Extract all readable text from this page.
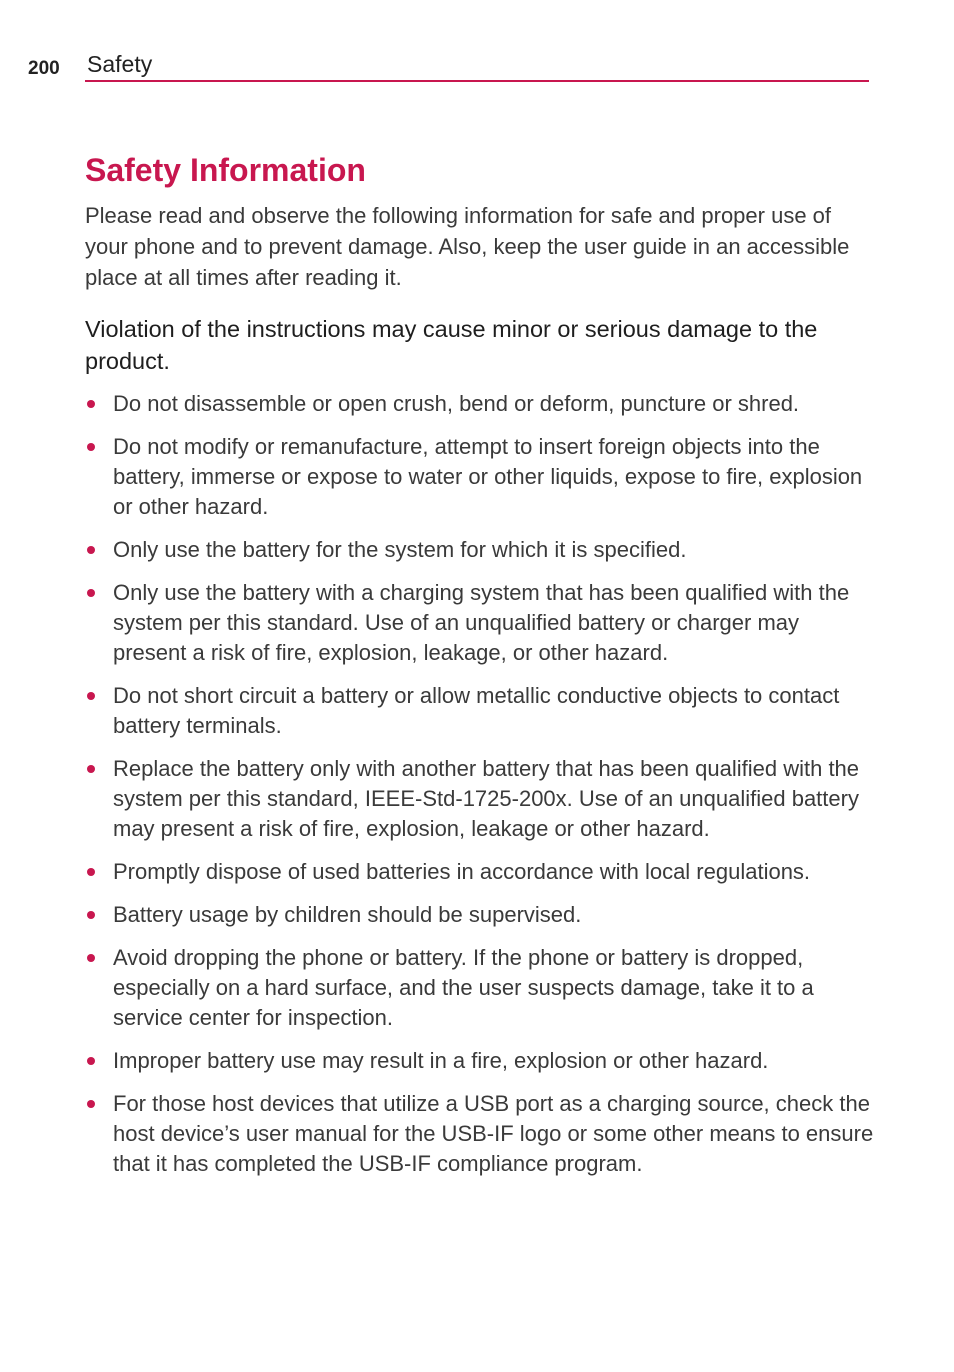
200 Safety
Safety Information

Please read and observe the following information for safe and proper use of your phone and to prevent damage. Also, keep the user guide in an accessible place at all times after reading it.

Violation of the instructions may cause minor or serious damage to the product.

Do not disassemble or open crush, bend or deform, puncture or shred.
Do not modify or remanufacture, attempt to insert foreign objects into the battery, immerse or expose to water or other liquids, expose to fire, explosion or other hazard.
Only use the battery for the system for which it is specified.
Only use the battery with a charging system that has been qualified with the system per this standard. Use of an unqualified battery or charger may present a risk of fire, explosion, leakage, or other hazard.
Do not short circuit a battery or allow metallic conductive objects to contact battery terminals.
Replace the battery only with another battery that has been qualified with the system per this standard, IEEE-Std-1725-200x. Use of an unqualified battery may present a risk of fire, explosion, leakage or other hazard.
Promptly dispose of used batteries in accordance with local regulations.
Battery usage by children should be supervised.
Avoid dropping the phone or battery. If the phone or battery is dropped, especially on a hard surface, and the user suspects damage, take it to a service center for inspection.
Improper battery use may result in a fire, explosion or other hazard.
For those host devices that utilize a USB port as a charging source, check the host device’s user manual for the USB-IF logo or some other means to ensure that it has completed the USB-IF compliance program.
